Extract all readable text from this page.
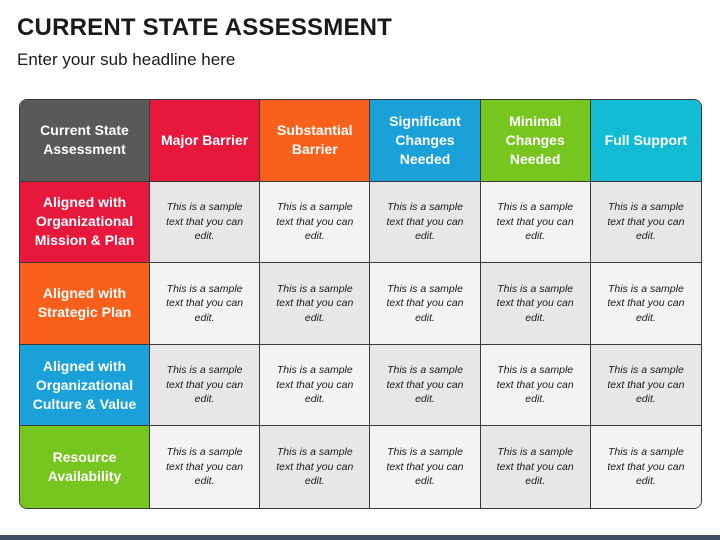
CURRENT STATE ASSESSMENT
Enter your sub headline here
Current State Assessment
Major Barrier
Substantial Barrier
Significant Changes Needed
Minimal Changes Needed
Full Support
Aligned with Organizational Mission & Plan
This is a sample text that you can edit.
This is a sample text that you can edit.
This is a sample text that you can edit.
This is a sample text that you can edit.
This is a sample text that you can edit.
Aligned with Strategic Plan
This is a sample text that you can edit.
This is a sample text that you can edit.
This is a sample text that you can edit.
This is a sample text that you can edit.
This is a sample text that you can edit.
Aligned with Organizational Culture & Value
This is a sample text that you can edit.
This is a sample text that you can edit.
This is a sample text that you can edit.
This is a sample text that you can edit.
This is a sample text that you can edit.
Resource Availability
This is a sample text that you can edit.
This is a sample text that you can edit.
This is a sample text that you can edit.
This is a sample text that you can edit.
This is a sample text that you can edit.
